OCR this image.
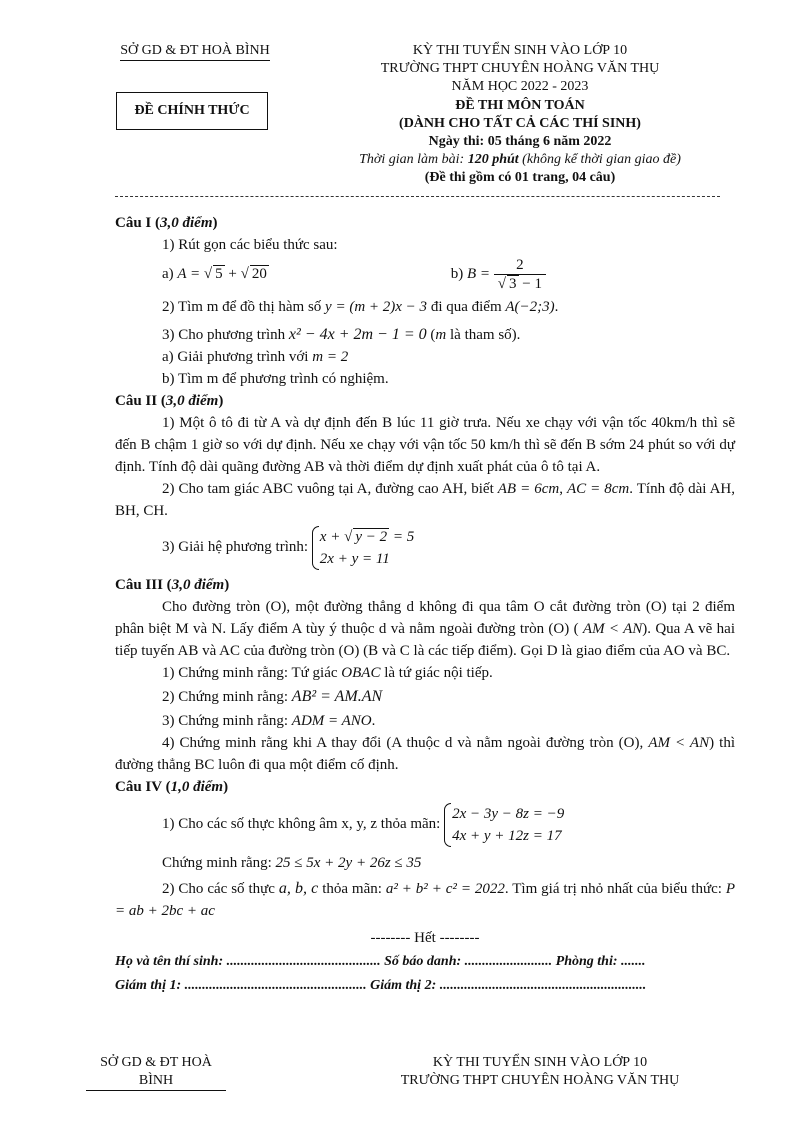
SỞ GD & ĐT HOÀ BÌNH
ĐỀ CHÍNH THỨC
KỲ THI TUYỂN SINH VÀO LỚP 10
TRƯỜNG THPT CHUYÊN HOÀNG VĂN THỤ
NĂM HỌC 2022 - 2023
ĐỀ THI MÔN TOÁN
(DÀNH CHO TẤT CẢ CÁC THÍ SINH)
Ngày thi: 05 tháng 6 năm 2022
Thời gian làm bài: 120 phút (không kể thời gian giao đề)
(Đề thi gồm có 01 trang, 04 câu)
Câu I (3,0 điểm)
1) Rút gọn các biểu thức sau:
a) A = √ 5 + √ 20	b) $B = \frac{2}{√ 3 - 1}$
2) Tìm m để đồ thị hàm số y = (m + 2)x − 3 đi qua điểm A(−2;3).
3) Cho phương trình x² − 4x + 2m − 1 = 0 (m là tham số).
a) Giải phương trình với m = 2
b) Tìm m để phương trình có nghiệm.
Câu II (3,0 điểm)
1) Một ô tô đi từ A và dự định đến B lúc 11 giờ trưa. Nếu xe chạy với vận tốc 40km/h thì sẽ đến B chậm 1 giờ so với dự định. Nếu xe chạy với vận tốc 50 km/h thì sẽ đến B sớm 24 phút so với dự định. Tính độ dài quãng đường AB và thời điểm dự định xuất phát của ô tô tại A.
2) Cho tam giác ABC vuông tại A, đường cao AH, biết AB = 6cm, AC = 8cm. Tính độ dài AH, BH, CH.
3) Giải hệ phương trình:
x + √ y − 2 = 5
2x + y = 11
Câu III (3,0 điểm)
Cho đường tròn (O), một đường thẳng d không đi qua tâm O cắt đường tròn (O) tại 2 điểm phân biệt M và N. Lấy điểm A tùy ý thuộc d và nằm ngoài đường tròn (O) ( AM < AN). Qua A vẽ hai tiếp tuyến AB và AC của đường tròn (O) (B và C là các tiếp điểm). Gọi D là giao điểm của AO và BC.
1) Chứng minh rằng: Tứ giác OBAC là tứ giác nội tiếp.
2) Chứng minh rằng: AB² = AM.AN
3) Chứng minh rằng: ADM = ANO.
4) Chứng minh rằng khi A thay đổi (A thuộc d và nằm ngoài đường tròn (O), AM < AN) thì đường thẳng BC luôn đi qua một điểm cố định.
Câu IV (1,0 điểm)
1) Cho các số thực không âm x, y, z thỏa mãn:
2x − 3y − 8z = −9
4x + y + 12z = 17
Chứng minh rằng: 25 ≤ 5x + 2y + 26z ≤ 35
2) Cho các số thực a, b, c thỏa mãn: a² + b² + c² = 2022. Tìm giá trị nhỏ nhất của biểu thức: P = ab + 2bc + ac
-------- Hết --------
Họ và tên thí sinh: ............................................ Số báo danh: ......................... Phòng thi: .......
Giám thị 1: .................................................... Giám thị 2: ...........................................................
SỞ GD & ĐT HOÀ BÌNH
KỲ THI TUYỂN SINH VÀO LỚP 10
TRƯỜNG THPT CHUYÊN HOÀNG VĂN THỤ
